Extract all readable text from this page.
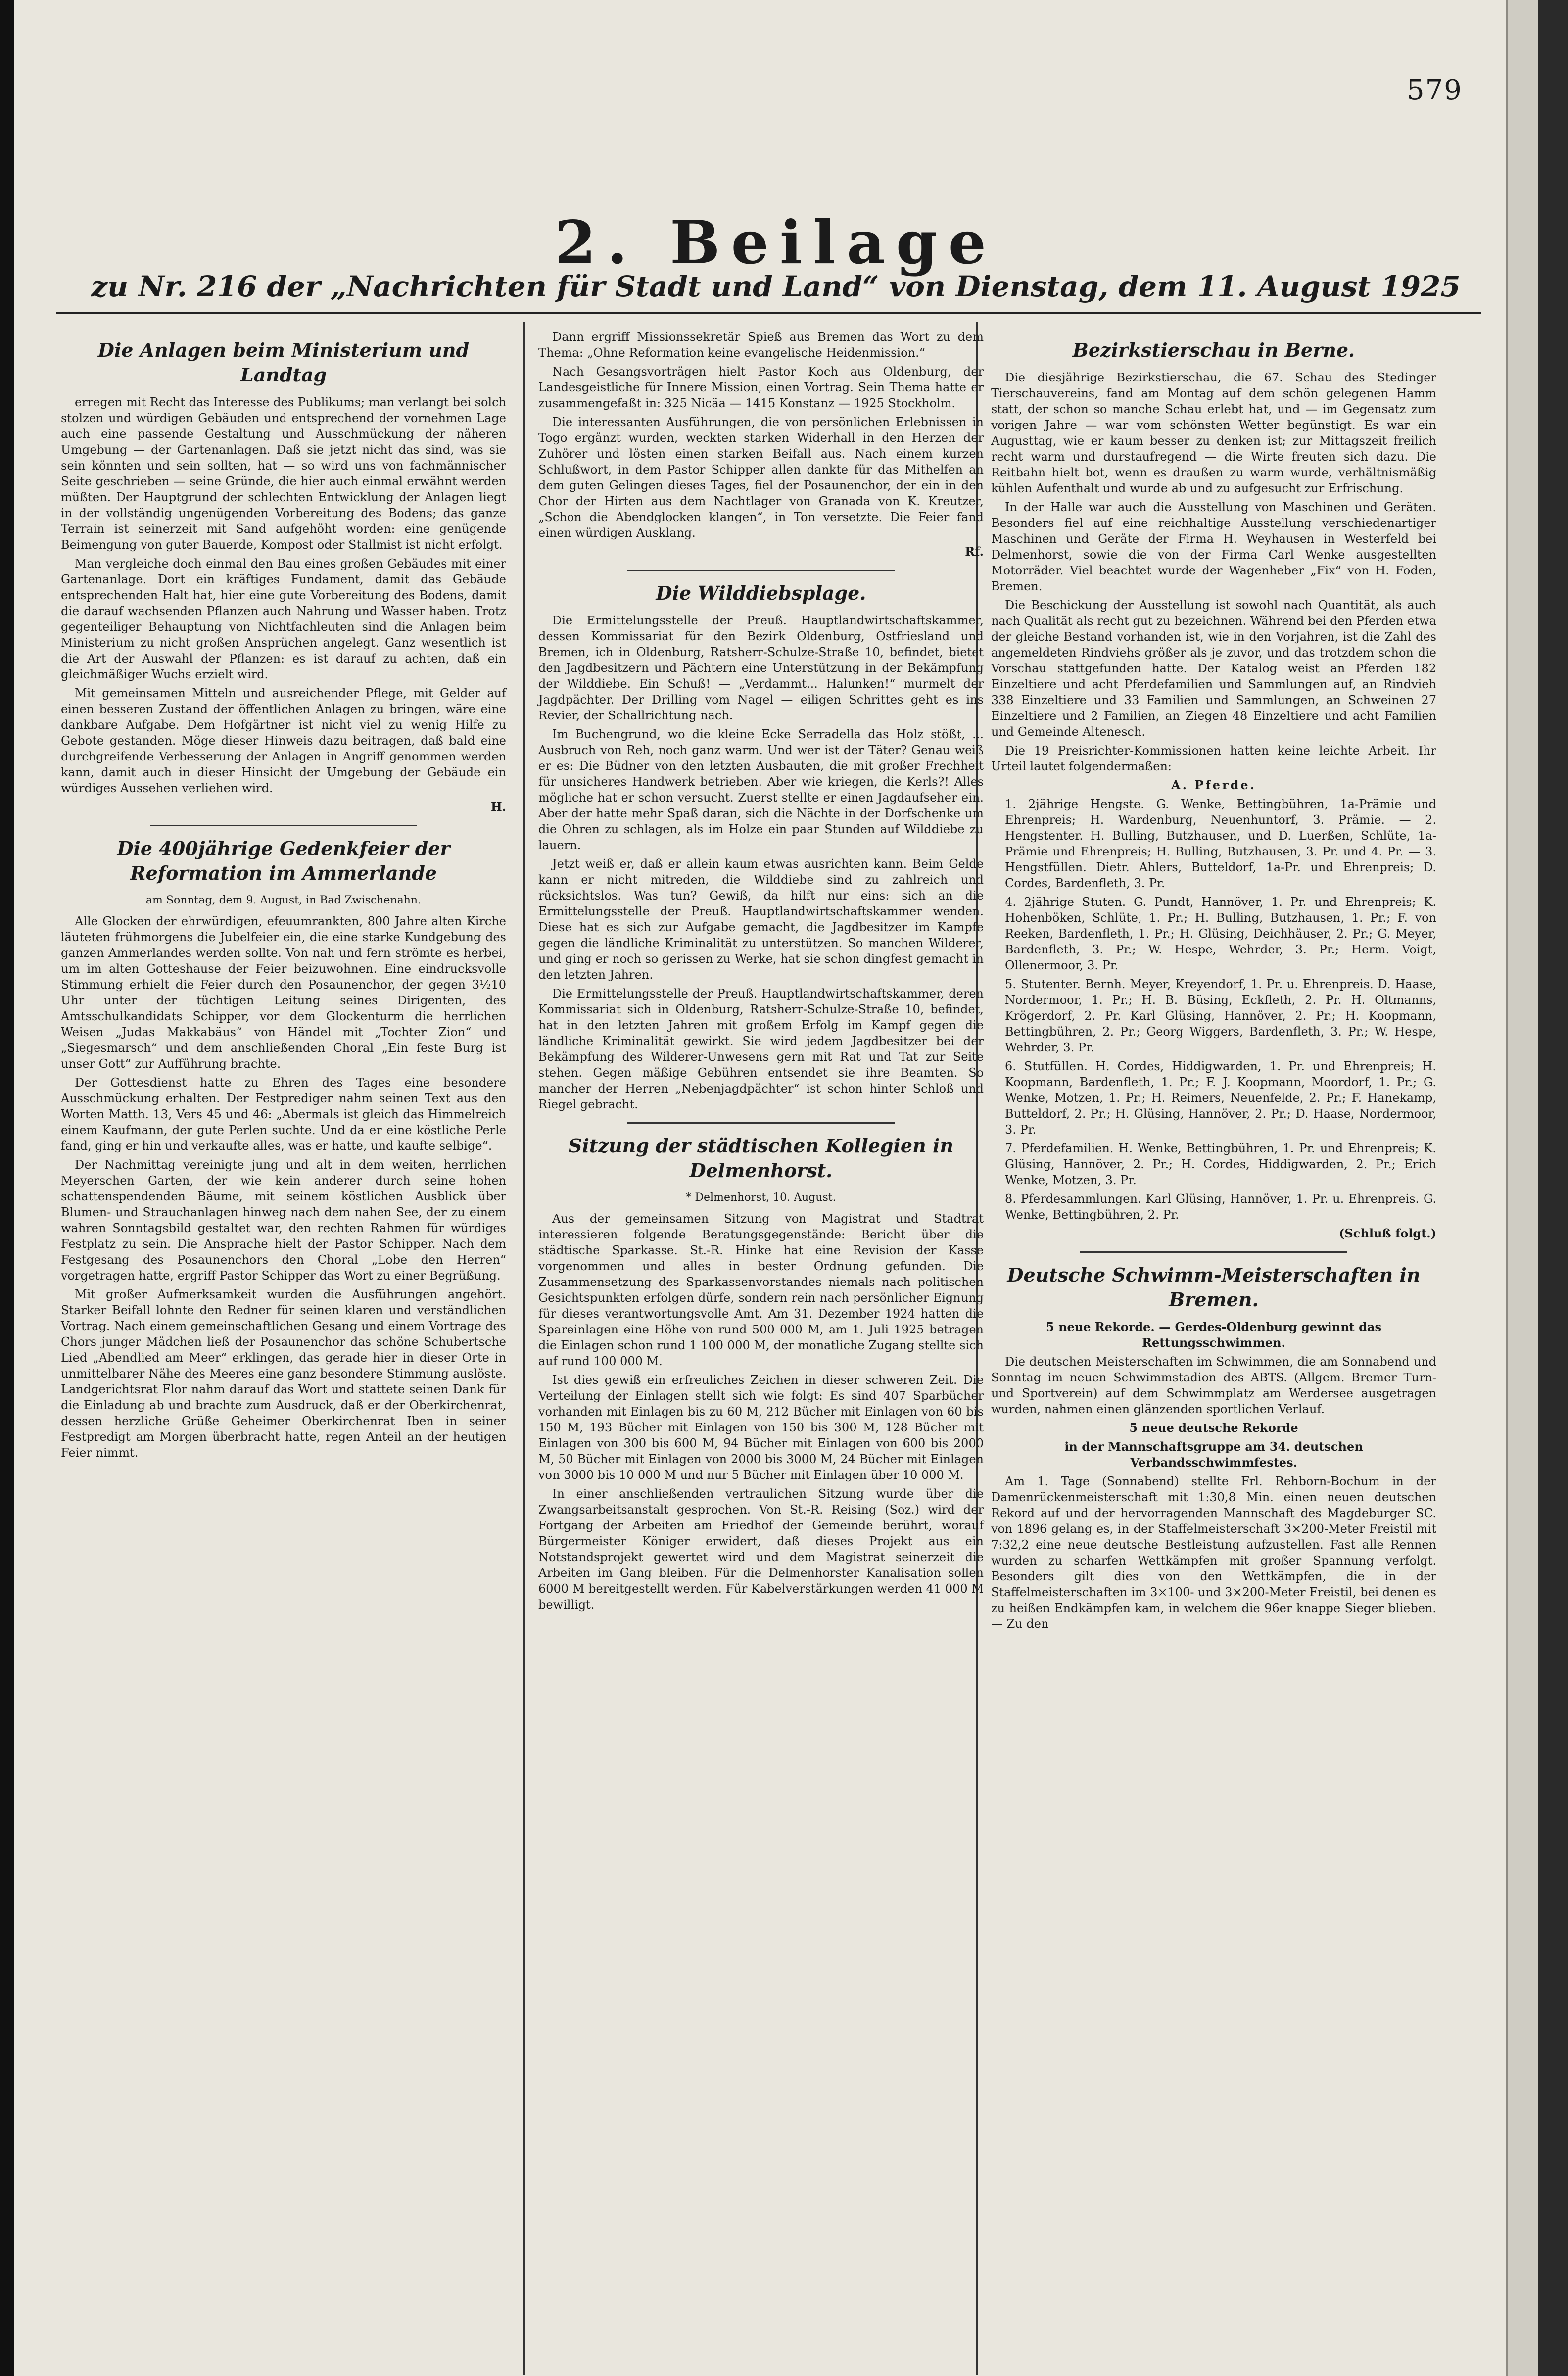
579
2. Beilage
zu Nr. 216 der „Nachrichten für Stadt und Land“ von Dienstag, dem 11. August 1925
Die Anlagen beim Ministerium und Landtag

erregen mit Recht das Interesse des Publikums; man verlangt bei solch stolzen und würdigen Gebäuden und entsprechend der vornehmen Lage auch eine passende Gestaltung und Ausschmückung der näheren Umgebung — der Gartenanlagen. Daß sie jetzt nicht das sind, was sie sein könnten und sein sollten, hat — so wird uns von fachmännischer Seite geschrieben — seine Gründe, die hier auch einmal erwähnt werden müßten. Der Hauptgrund der schlechten Entwicklung der Anlagen liegt in der vollständig ungenügenden Vorbereitung des Bodens; das ganze Terrain ist seinerzeit mit Sand aufgehöht worden: eine genügende Beimengung von guter Bauerde, Kompost oder Stallmist ist nicht erfolgt.

Man vergleiche doch einmal den Bau eines großen Gebäudes mit einer Gartenanlage. Dort ein kräftiges Fundament, damit das Gebäude entsprechenden Halt hat, hier eine gute Vorbereitung des Bodens, damit die darauf wachsenden Pflanzen auch Nahrung und Wasser haben. Trotz gegenteiliger Behauptung von Nichtfachleuten sind die Anlagen beim Ministerium zu nicht großen Ansprüchen angelegt. Ganz wesentlich ist die Art der Auswahl der Pflanzen: es ist darauf zu achten, daß ein gleichmäßiger Wuchs erzielt wird.

Mit gemeinsamen Mitteln und ausreichender Pflege, mit Gelder auf einen besseren Zustand der öffentlichen Anlagen zu bringen, wäre eine dankbare Aufgabe. Dem Hofgärtner ist nicht viel zu wenig Hilfe zu Gebote gestanden. Möge dieser Hinweis dazu beitragen, daß bald eine durchgreifende Verbesserung der Anlagen in Angriff genommen werden kann, damit auch in dieser Hinsicht der Umgebung der Gebäude ein würdiges Aussehen verliehen wird.

H.

Die 400jährige Gedenkfeier der Reformation im Ammerlande
am Sonntag, dem 9. August, in Bad Zwischenahn.

Alle Glocken der ehrwürdigen, efeuumrankten, 800 Jahre alten Kirche läuteten frühmorgens die Jubelfeier ein, die eine starke Kundgebung des ganzen Ammerlandes werden sollte. Von nah und fern strömte es herbei, um im alten Gotteshause der Feier beizuwohnen. Eine eindrucksvolle Stimmung erhielt die Feier durch den Posaunenchor, der gegen 3½10 Uhr unter der tüchtigen Leitung seines Dirigenten, des Amtsschulkandidats Schipper, vor dem Glockenturm die herrlichen Weisen „Judas Makkabäus“ von Händel mit „Tochter Zion“ und „Siegesmarsch“ und dem anschließenden Choral „Ein feste Burg ist unser Gott“ zur Aufführung brachte.

Der Gottesdienst hatte zu Ehren des Tages eine besondere Ausschmückung erhalten. Der Festprediger nahm seinen Text aus den Worten Matth. 13, Vers 45 und 46: „Abermals ist gleich das Himmelreich einem Kaufmann, der gute Perlen suchte. Und da er eine köstliche Perle fand, ging er hin und verkaufte alles, was er hatte, und kaufte selbige“.

Der Nachmittag vereinigte jung und alt in dem weiten, herrlichen Meyerschen Garten, der wie kein anderer durch seine hohen schattenspendenden Bäume, mit seinem köstlichen Ausblick über Blumen- und Strauchanlagen hinweg nach dem nahen See, der zu einem wahren Sonntagsbild gestaltet war, den rechten Rahmen für würdiges Festplatz zu sein. Die Ansprache hielt der Pastor Schipper. Nach dem Festgesang des Posaunenchors den Choral „Lobe den Herren“ vorgetragen hatte, ergriff Pastor Schipper das Wort zu einer Begrüßung.

Mit großer Aufmerksamkeit wurden die Ausführungen angehört. Starker Beifall lohnte den Redner für seinen klaren und verständlichen Vortrag. Nach einem gemeinschaftlichen Gesang und einem Vortrage des Chors junger Mädchen ließ der Posaunenchor das schöne Schubertsche Lied „Abendlied am Meer“ erklingen, das gerade hier in dieser Orte in unmittelbarer Nähe des Meeres eine ganz besondere Stimmung auslöste. Landgerichtsrat Flor nahm darauf das Wort und stattete seinen Dank für die Einladung ab und brachte zum Ausdruck, daß er der Oberkirchenrat, dessen herzliche Grüße Geheimer Oberkirchenrat Iben in seiner Festpredigt am Morgen überbracht hatte, regen Anteil an der heutigen Feier nimmt.

Dann ergriff Missionssekretär Spieß aus Bremen das Wort zu dem Thema: „Ohne Reformation keine evangelische Heidenmission.“

Nach Gesangsvorträgen hielt Pastor Koch aus Oldenburg, der Landesgeistliche für Innere Mission, einen Vortrag. Sein Thema hatte er zusammengefaßt in: 325 Nicäa — 1415 Konstanz — 1925 Stockholm.

Die interessanten Ausführungen, die von persönlichen Erlebnissen in Togo ergänzt wurden, weckten starken Widerhall in den Herzen der Zuhörer und lösten einen starken Beifall aus. Nach einem kurzen Schlußwort, in dem Pastor Schipper allen dankte für das Mithelfen an dem guten Gelingen dieses Tages, fiel der Posaunenchor, der ein in den Chor der Hirten aus dem Nachtlager von Granada von K. Kreutzer, „Schon die Abendglocken klangen“, in Ton versetzte. Die Feier fand einen würdigen Ausklang.

Rf.

Die Wilddiebsplage.

Die Ermittelungsstelle der Preuß. Hauptlandwirtschaftskammer, dessen Kommissariat für den Bezirk Oldenburg, Ostfriesland und Bremen, ich in Oldenburg, Ratsherr-Schulze-Straße 10, befindet, bietet den Jagdbesitzern und Pächtern eine Unterstützung in der Bekämpfung der Wilddiebe. Ein Schuß! — „Verdammt... Halunken!“ murmelt der Jagdpächter. Der Drilling vom Nagel — eiligen Schrittes geht es ins Revier, der Schallrichtung nach.

Im Buchengrund, wo die kleine Ecke Serradella das Holz stößt, ... Ausbruch von Reh, noch ganz warm. Und wer ist der Täter? Genau weiß er es: Die Büdner von den letzten Ausbauten, die mit großer Frechheit für unsicheres Handwerk betrieben. Aber wie kriegen, die Kerls?! Alles mögliche hat er schon versucht. Zuerst stellte er einen Jagdaufseher ein. Aber der hatte mehr Spaß daran, sich die Nächte in der Dorfschenke um die Ohren zu schlagen, als im Holze ein paar Stunden auf Wilddiebe zu lauern.

Jetzt weiß er, daß er allein kaum etwas ausrichten kann. Beim Gelde kann er nicht mitreden, die Wilddiebe sind zu zahlreich und rücksichtslos. Was tun? Gewiß, da hilft nur eins: sich an die Ermittelungsstelle der Preuß. Hauptlandwirtschaftskammer wenden. Diese hat es sich zur Aufgabe gemacht, die Jagdbesitzer im Kampfe gegen die ländliche Kriminalität zu unterstützen. So manchen Wilderer, und ging er noch so gerissen zu Werke, hat sie schon dingfest gemacht in den letzten Jahren.

Die Ermittelungsstelle der Preuß. Hauptlandwirtschaftskammer, deren Kommissariat sich in Oldenburg, Ratsherr-Schulze-Straße 10, befindet, hat in den letzten Jahren mit großem Erfolg im Kampf gegen die ländliche Kriminalität gewirkt. Sie wird jedem Jagdbesitzer bei der Bekämpfung des Wilderer-Unwesens gern mit Rat und Tat zur Seite stehen. Gegen mäßige Gebühren entsendet sie ihre Beamten. So mancher der Herren „Nebenjagdpächter“ ist schon hinter Schloß und Riegel gebracht.

Sitzung der städtischen Kollegien in Delmenhorst.
* Delmenhorst, 10. August.

Aus der gemeinsamen Sitzung von Magistrat und Stadtrat interessieren folgende Beratungsgegenstände: Bericht über die städtische Sparkasse. St.-R. Hinke hat eine Revision der Kasse vorgenommen und alles in bester Ordnung gefunden. Die Zusammensetzung des Sparkassenvorstandes niemals nach politischen Gesichtspunkten erfolgen dürfe, sondern rein nach persönlicher Eignung für dieses verantwortungsvolle Amt. Am 31. Dezember 1924 hatten die Spareinlagen eine Höhe von rund 500 000 M, am 1. Juli 1925 betragen die Einlagen schon rund 1 100 000 M, der monatliche Zugang stellte sich auf rund 100 000 M.

Ist dies gewiß ein erfreuliches Zeichen in dieser schweren Zeit. Die Verteilung der Einlagen stellt sich wie folgt: Es sind 407 Sparbücher vorhanden mit Einlagen bis zu 60 M, 212 Bücher mit Einlagen von 60 bis 150 M, 193 Bücher mit Einlagen von 150 bis 300 M, 128 Bücher mit Einlagen von 300 bis 600 M, 94 Bücher mit Einlagen von 600 bis 2000 M, 50 Bücher mit Einlagen von 2000 bis 3000 M, 24 Bücher mit Einlagen von 3000 bis 10 000 M und nur 5 Bücher mit Einlagen über 10 000 M.

In einer anschließenden vertraulichen Sitzung wurde über die Zwangsarbeitsanstalt gesprochen. Von St.-R. Reising (Soz.) wird der Fortgang der Arbeiten am Friedhof der Gemeinde berührt, worauf Bürgermeister Königer erwidert, daß dieses Projekt aus ein Notstandsprojekt gewertet wird und dem Magistrat seinerzeit die Arbeiten im Gang bleiben. Für die Delmenhorster Kanalisation sollen 6000 M bereitgestellt werden. Für Kabelverstärkungen werden 41 000 M bewilligt.

Bezirkstierschau in Berne.

Die diesjährige Bezirkstierschau, die 67. Schau des Stedinger Tierschauvereins, fand am Montag auf dem schön gelegenen Hamm statt, der schon so manche Schau erlebt hat, und — im Gegensatz zum vorigen Jahre — war vom schönsten Wetter begünstigt. Es war ein Augusttag, wie er kaum besser zu denken ist; zur Mittagszeit freilich recht warm und durstaufregend — die Wirte freuten sich dazu. Die Reitbahn hielt bot, wenn es draußen zu warm wurde, verhältnismäßig kühlen Aufenthalt und wurde ab und zu aufgesucht zur Erfrischung.

In der Halle war auch die Ausstellung von Maschinen und Geräten. Besonders fiel auf eine reichhaltige Ausstellung verschiedenartiger Maschinen und Geräte der Firma H. Weyhausen in Westerfeld bei Delmenhorst, sowie die von der Firma Carl Wenke ausgestellten Motorräder. Viel beachtet wurde der Wagenheber „Fix“ von H. Foden, Bremen.

Die Beschickung der Ausstellung ist sowohl nach Quantität, als auch nach Qualität als recht gut zu bezeichnen. Während bei den Pferden etwa der gleiche Bestand vorhanden ist, wie in den Vorjahren, ist die Zahl des angemeldeten Rindviehs größer als je zuvor, und das trotzdem schon die Vorschau stattgefunden hatte. Der Katalog weist an Pferden 182 Einzeltiere und acht Pferdefamilien und Sammlungen auf, an Rindvieh 338 Einzeltiere und 33 Familien und Sammlungen, an Schweinen 27 Einzeltiere und 2 Familien, an Ziegen 48 Einzeltiere und acht Familien und Gemeinde Altenesch.

Die 19 Preisrichter-Kommissionen hatten keine leichte Arbeit. Ihr Urteil lautet folgendermaßen:

A. Pferde.

1. 2jährige Hengste. G. Wenke, Bettingbühren, 1a-Prämie und Ehrenpreis; H. Wardenburg, Neuenhuntorf, 3. Prämie. — 2. Hengstenter. H. Bulling, Butzhausen, und D. Luerßen, Schlüte, 1a-Prämie und Ehrenpreis; H. Bulling, Butzhausen, 3. Pr. und 4. Pr. — 3. Hengstfüllen. Dietr. Ahlers, Butteldorf, 1a-Pr. und Ehrenpreis; D. Cordes, Bardenfleth, 3. Pr.

4. 2jährige Stuten. G. Pundt, Hannöver, 1. Pr. und Ehrenpreis; K. Hohenböken, Schlüte, 1. Pr.; H. Bulling, Butzhausen, 1. Pr.; F. von Reeken, Bardenfleth, 1. Pr.; H. Glüsing, Deichhäuser, 2. Pr.; G. Meyer, Bardenfleth, 3. Pr.; W. Hespe, Wehrder, 3. Pr.; Herm. Voigt, Ollenermoor, 3. Pr.

5. Stutenter. Bernh. Meyer, Kreyendorf, 1. Pr. u. Ehrenpreis. D. Haase, Nordermoor, 1. Pr.; H. B. Büsing, Eckfleth, 2. Pr. H. Oltmanns, Krögerdorf, 2. Pr. Karl Glüsing, Hannöver, 2. Pr.; H. Koopmann, Bettingbühren, 2. Pr.; Georg Wiggers, Bardenfleth, 3. Pr.; W. Hespe, Wehrder, 3. Pr.

6. Stutfüllen. H. Cordes, Hiddigwarden, 1. Pr. und Ehrenpreis; H. Koopmann, Bardenfleth, 1. Pr.; F. J. Koopmann, Moordorf, 1. Pr.; G. Wenke, Motzen, 1. Pr.; H. Reimers, Neuenfelde, 2. Pr.; F. Hanekamp, Butteldorf, 2. Pr.; H. Glüsing, Hannöver, 2. Pr.; D. Haase, Nordermoor, 3. Pr.

7. Pferdefamilien. H. Wenke, Bettingbühren, 1. Pr. und Ehrenpreis; K. Glüsing, Hannöver, 2. Pr.; H. Cordes, Hiddigwarden, 2. Pr.; Erich Wenke, Motzen, 3. Pr.

8. Pferdesammlungen. Karl Glüsing, Hannöver, 1. Pr. u. Ehrenpreis. G. Wenke, Bettingbühren, 2. Pr.

(Schluß folgt.)

Deutsche Schwimm-Meisterschaften in Bremen.

5 neue Rekorde. — Gerdes-Oldenburg gewinnt das Rettungsschwimmen.

Die deutschen Meisterschaften im Schwimmen, die am Sonnabend und Sonntag im neuen Schwimmstadion des ABTS. (Allgem. Bremer Turn- und Sportverein) auf dem Schwimmplatz am Werdersee ausgetragen wurden, nahmen einen glänzenden sportlichen Verlauf.

5 neue deutsche Rekorde

in der Mannschaftsgruppe am 34. deutschen Verbandsschwimmfestes.

Am 1. Tage (Sonnabend) stellte Frl. Rehborn-Bochum in der Damenrückenmeisterschaft mit 1:30,8 Min. einen neuen deutschen Rekord auf und der hervorragenden Mannschaft des Magdeburger SC. von 1896 gelang es, in der Staffelmeisterschaft 3×200-Meter Freistil mit 7:32,2 eine neue deutsche Bestleistung aufzustellen. Fast alle Rennen wurden zu scharfen Wettkämpfen mit großer Spannung verfolgt. Besonders gilt dies von den Wettkämpfen, die in der Staffelmeisterschaften im 3×100- und 3×200-Meter Freistil, bei denen es zu heißen Endkämpfen kam, in welchem die 96er knappe Sieger blieben. — Zu den
